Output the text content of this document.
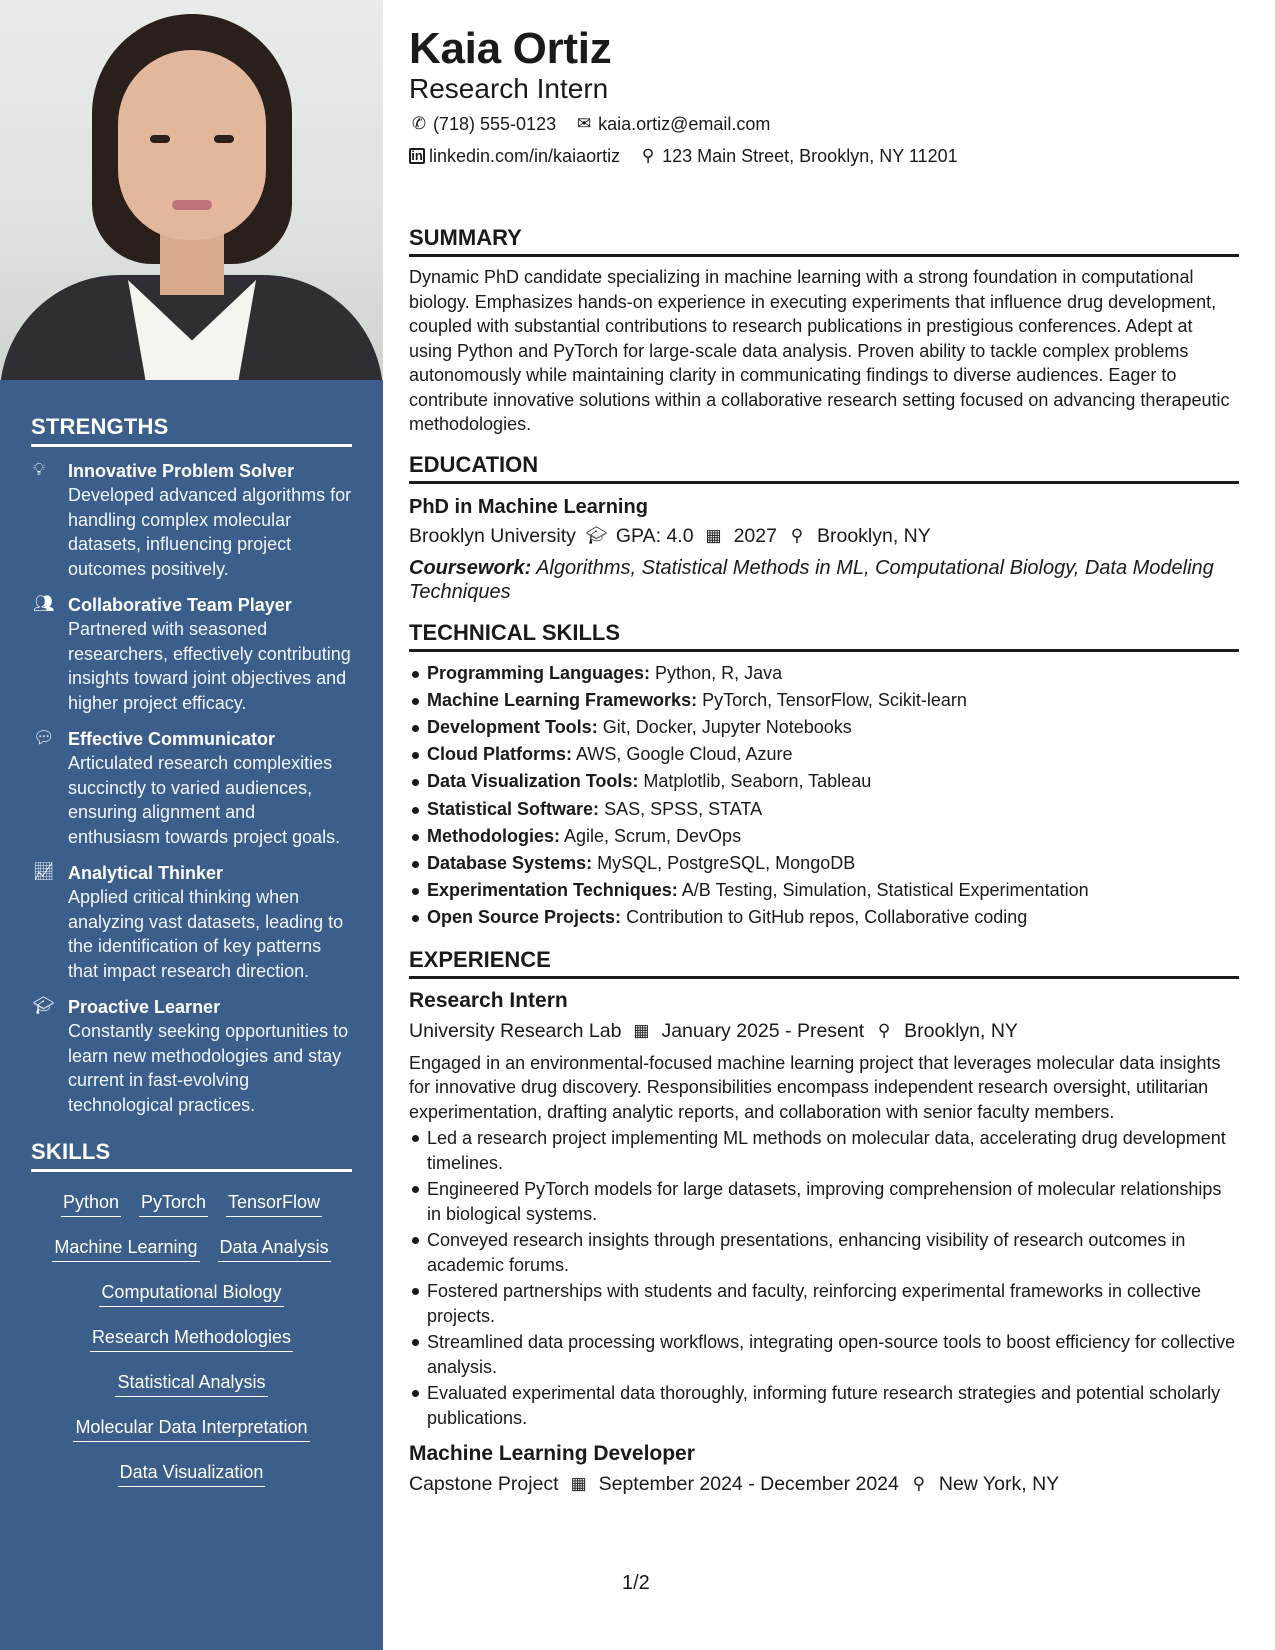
STRENGTHS
💡︎	Innovative Problem Solver
Developed advanced algorithms for handling complex molecular datasets, influencing project outcomes positively.
👥︎ Collaborative Team Player
Partnered with seasoned researchers, effectively contributing insights toward joint objectives and higher project efficacy.
💬︎ Effective Communicator
Articulated research complexities succinctly to varied audiences, ensuring alignment and enthusiasm towards project goals.
📈︎ Analytical Thinker
Applied critical thinking when analyzing vast datasets, leading to the identification of key patterns that impact research direction.
🎓︎ Proactive Learner
Constantly seeking opportunities to learn new methodologies and stay current in fast-evolving technological practices.
SKILLS
Python PyTorch TensorFlow
Machine Learning Data Analysis
Computational Biology
Research Methodologies
Statistical Analysis
Molecular Data Interpretation
Data Visualization
Kaia Ortiz
Research Intern
✆ (718) 555-0123 ✉ kaia.ortiz@email.com
in linkedin.com/in/kaiaortiz ⚲ 123 Main Street, Brooklyn, NY 11201
SUMMARY

Dynamic PhD candidate specializing in machine learning with a strong foundation in computational biology. Emphasizes hands-on experience in executing experiments that influence drug development, coupled with substantial contributions to research publications in prestigious conferences. Adept at using Python and PyTorch for large-scale data analysis. Proven ability to tackle complex problems autonomously while maintaining clarity in communicating findings to diverse audiences. Eager to contribute innovative solutions within a collaborative research setting focused on advancing therapeutic methodologies.

EDUCATION
PhD in Machine Learning
Brooklyn University 🎓︎ GPA: 4.0 ▦ 2027 ⚲ Brooklyn, NY
Coursework: Algorithms, Statistical Methods in ML, Computational Biology, Data Modeling Techniques
TECHNICAL SKILLS
Programming Languages: Python, R, Java
Machine Learning Frameworks: PyTorch, TensorFlow, Scikit-learn
Development Tools: Git, Docker, Jupyter Notebooks
Cloud Platforms: AWS, Google Cloud, Azure
Data Visualization Tools: Matplotlib, Seaborn, Tableau
Statistical Software: SAS, SPSS, STATA
Methodologies: Agile, Scrum, DevOps
Database Systems: MySQL, PostgreSQL, MongoDB
Experimentation Techniques: A/B Testing, Simulation, Statistical Experimentation
Open Source Projects: Contribution to GitHub repos, Collaborative coding
EXPERIENCE
Research Intern
University Research Lab ▦ January 2025 - Present ⚲ Brooklyn, NY
Engaged in an environmental-focused machine learning project that leverages molecular data insights for innovative drug discovery. Responsibilities encompass independent research oversight, utilitarian experimentation, drafting analytic reports, and collaboration with senior faculty members.
Led a research project implementing ML methods on molecular data, accelerating drug development timelines.
Engineered PyTorch models for large datasets, improving comprehension of molecular relationships in biological systems.
Conveyed research insights through presentations, enhancing visibility of research outcomes in academic forums.
Fostered partnerships with students and faculty, reinforcing experimental frameworks in collective projects.
Streamlined data processing workflows, integrating open-source tools to boost efficiency for collective analysis.
Evaluated experimental data thoroughly, informing future research strategies and potential scholarly publications.
Machine Learning Developer
Capstone Project ▦ September 2024 - December 2024 ⚲ New York, NY
1/2
